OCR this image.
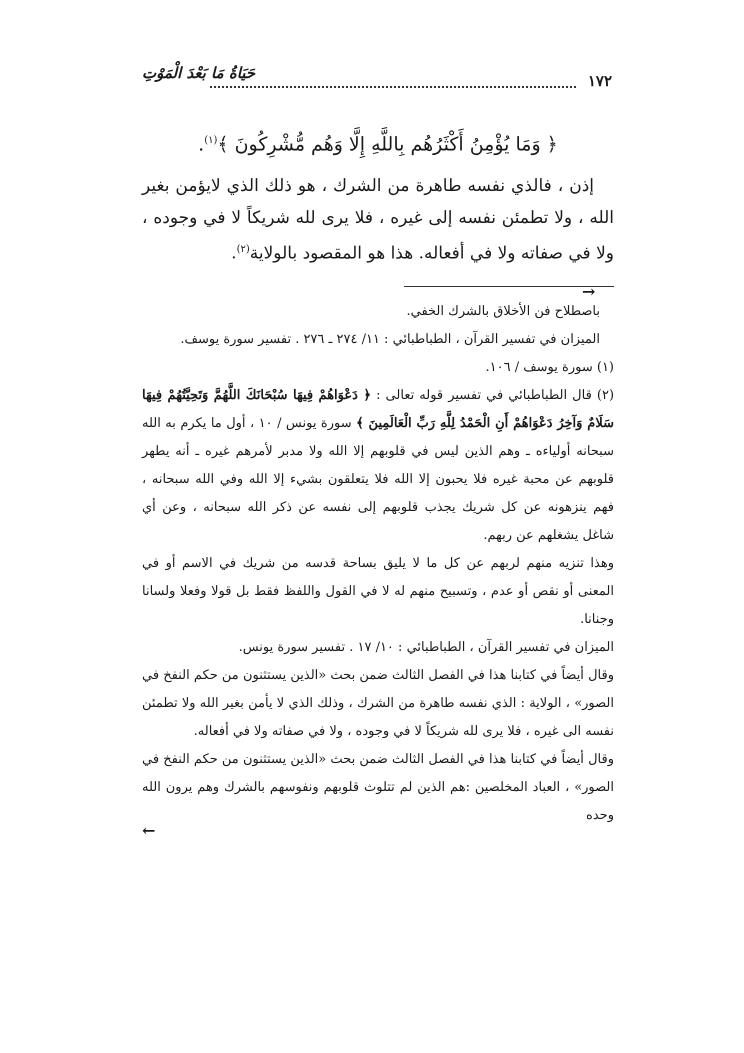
١٧٢
حَيَاةُ مَا بَعْدَ الْمَوْتِ
﴿ وَمَا يُؤْمِنُ أَكْثَرُهُم بِاللَّهِ إِلَّا وَهُم مُّشْرِكُونَ ﴾$^{(١)}$.
إذن ، فالذي نفسه طاهرة من الشرك ، هو ذلك الذي لايؤمن بغير الله ، ولا تطمئن نفسه إلى غيره ، فلا يرى لله شريكاً لا في وجوده ، ولا في صفاته ولا في أفعاله. هذا هو المقصود بالولاية$^{(٢)}$.
→

باصطلاح فن الأخلاق بالشرك الخفي.

الميزان في تفسير القرآن ، الطباطبائي : ١١/ ٢٧٤ ـ ٢٧٦ . تفسير سورة يوسف.

(١) سورة يوسف / ١٠٦.

(٢) قال الطباطبائي في تفسير قوله تعالى : ﴿ دَعْوَاهُمْ فِيهَا سُبْحَانَكَ اللَّهُمَّ وَتَحِيَّتُهُمْ فِيهَا سَلَامٌ وَآخِرُ دَعْوَاهُمْ أَنِ الْحَمْدُ لِلَّهِ رَبِّ الْعَالَمِينَ ﴾ سورة يونس / ١٠ ، أول ما يكرم به الله سبحانه أولياءه ـ وهم الذين ليس في قلوبهم إلا الله ولا مدبر لأمرهم غيره ـ أنه يطهر قلوبهم عن محبة غيره فلا يحبون إلا الله فلا يتعلقون بشيء إلا الله وفي الله سبحانه ، فهم ينزهونه عن كل شريك يجذب قلوبهم إلى نفسه عن ذكر الله سبحانه ، وعن أي شاغل يشغلهم عن ربهم.

وهذا تنزيه منهم لربهم عن كل ما لا يليق بساحة قدسه من شريك في الاسم أو في المعنى أو نقص أو عدم ، وتسبيح منهم له لا في القول واللفظ فقط بل قولا وفعلا ولسانا وجنانا.

الميزان في تفسير القرآن ، الطباطبائي : ١٠/ ١٧ . تفسير سورة يونس.

وقال أيضاً في كتابنا هذا في الفصل الثالث ضمن بحث «الذين يستثنون من حكم النفخ في الصور» ، الولاية : الذي نفسه طاهرة من الشرك ، وذلك الذي لا يأمن بغير الله ولا تطمئن نفسه الى غيره ، فلا يرى لله شريكاً لا في وجوده ، ولا في صفاته ولا في أفعاله.

وقال أيضاً في كتابنا هذا في الفصل الثالث ضمن بحث «الذين يستثنون من حكم النفخ في الصور» ، العباد المخلصين :هم الذين لم تتلوث قلوبهم ونفوسهم بالشرك وهم يرون الله وحده

←
